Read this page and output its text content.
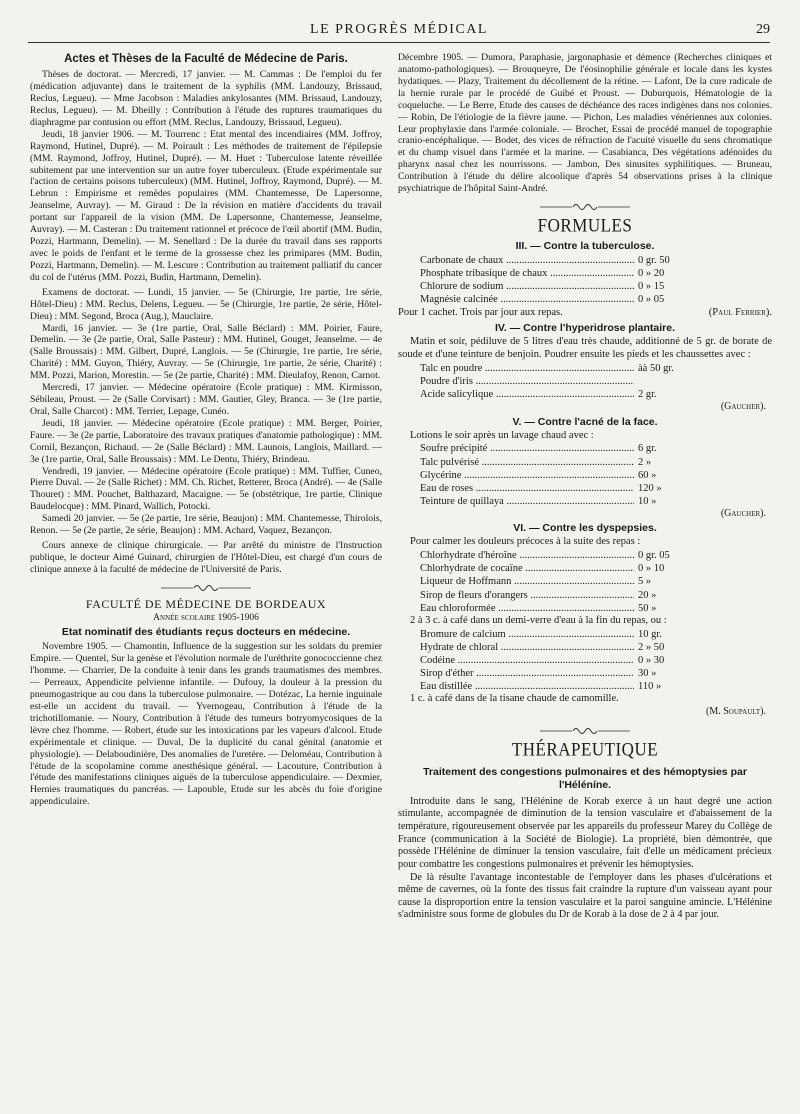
LE PROGRÈS MÉDICAL	29
Actes et Thèses de la Faculté de Médecine de Paris.

Thèses de doctorat. — Mercredi, 17 janvier. — M. Cammas : De l'emploi du fer (médication adjuvante) dans le traitement de la syphilis (MM. Landouzy, Brissaud, Reclus, Legueu). — Mme Jacobson : Maladies ankylosantes (MM. Brissaud, Landouzy, Reclus, Legueu). — M. Dheilly : Contribution à l'étude des ruptures traumatiques du diaphragme par contusion ou effort (MM. Reclus, Landouzy, Brissaud, Legueu).

Jeudi, 18 janvier 1906. — M. Tourrenc : Etat mental des incendiaires (MM. Joffroy, Raymond, Hutinel, Dupré). — M. Poirault : Les méthodes de traitement de l'épilepsie (MM. Raymond, Joffroy, Hutinel, Dupré). — M. Huet : Tuberculose latente réveillée subitement par une intervention sur un autre foyer tuberculeux. (Etude expérimentale sur l'action de certains poisons tuberculeux) (MM. Hutinel, Joffroy, Raymond, Dupré). — M. Lebrun : Empirisme et remèdes populaires (MM. Chantemesse, De Lapersonne, Jeanselme, Auvray). — M. Giraud : De la révision en matière d'accidents du travail portant sur l'appareil de la vision (MM. De Lapersonne, Chantemesse, Jeanselme, Auvray). — M. Casteran : Du traitement rationnel et précoce de l'œil abortif (MM. Budin, Pozzi, Hartmann, Demelin). — M. Senellard : De la durée du travail dans ses rapports avec le poids de l'enfant et le terme de la grossesse chez les primipares (MM. Budin, Pozzi, Hartmann, Demelin). — M. Lescure : Contribution au traitement palliatif du cancer du col de l'utérus (MM. Pozzi, Budin, Hartmann, Demelin).

Examens de doctorat. — Lundi, 15 janvier. — 5e (Chirurgie, 1re partie, 1re série, Hôtel-Dieu) : MM. Reclus, Delens, Legueu. — 5e (Chirurgie, 1re partie, 2e série, Hôtel-Dieu) : MM. Segond, Broca (Aug.), Mauclaire.

Mardi, 16 janvier. — 3e (1re partie, Oral, Salle Béclard) : MM. Poirier, Faure, Demelin. — 3e (2e partie, Oral, Salle Pasteur) : MM. Hutinel, Gouget, Jeanselme. — 4e (Salle Broussais) : MM. Gilbert, Dupré, Langlois. — 5e (Chirurgie, 1re partie, 1re série, Charité) : MM. Guyon, Thiéry, Auvray. — 5e (Chirurgie, 1re partie, 2e série, Charité) : MM. Pozzi, Marion, Morestin. — 5e (2e partie, Charité) : MM. Dieulafoy, Renon, Carnot.

Mercredi, 17 janvier. — Médecine opératoire (Ecole pratique) : MM. Kirmisson, Sébileau, Proust. — 2e (Salle Corvisart) : MM. Gautier, Gley, Branca. — 3e (1re partie, Oral, Salle Charcot) : MM. Terrier, Lepage, Cunéo.

Jeudi, 18 janvier. — Médecine opératoire (Ecole pratique) : MM. Berger, Poirier, Faure. — 3e (2e partie, Laboratoire des travaux pratiques d'anatomie pathologique) : MM. Cornil, Bezançon, Richaud. — 2e (Salle Béclard) : MM. Launois, Langlois, Maillard. — 3e (1re partie, Oral, Salle Broussais) : MM. Le Dentu, Thiéry, Brindeau.

Vendredi, 19 janvier. — Médecine opératoire (Ecole pratique) : MM. Tuffier, Cuneo, Pierre Duval. — 2e (Salle Richet) : MM. Ch. Richet, Retterer, Broca (André). — 4e (Salle Thouret) : MM. Pouchet, Balthazard, Macaigne. — 5e (obstétrique, 1re partie, Clinique Baudelocque) : MM. Pinard, Wallich, Potocki.

Samedi 20 janvier. — 5e (2e partie, 1re série, Beaujon) : MM. Chantemesse, Thirolois, Renon. — 5e (2e partie, 2e série, Beaujon) : MM. Achard, Vaquez, Bezançon.

Cours annexe de clinique chirurgicale. — Par arrêté du ministre de l'Instruction publique, le docteur Aimé Guinard, chirurgien de l'Hôtel-Dieu, est chargé d'un cours de clinique annexe à la faculté de médecine de l'Université de Paris.

FACULTÉ DE MÉDECINE DE BORDEAUX
Année scolaire 1905-1906
Etat nominatif des étudiants reçus docteurs en médecine.

Novembre 1905. — Chamontin, Influence de la suggestion sur les soldats du premier Empire. — Quentel, Sur la genèse et l'évolution normale de l'uréthrite gonococcienne chez l'homme. — Charrier, De la conduite à tenir dans les grands traumatismes des membres. — Perreaux, Appendicite pelvienne infantile. — Dufouy, la douleur à la pression du pneumogastrique au cou dans la tuberculose pulmonaire. — Dotézac, La hernie inguinale est-elle un accident du travail. — Yvernogeau, Contribution à l'étude de la trichotillomanie. — Noury, Contribution à l'étude des tumeurs botryomycosiques de la lèvre chez l'homme. — Robert, étude sur les intoxications par les vapeurs d'alcool. Etude expérimentale et clinique. — Duval, De la duplicité du canal génital (anatomie et physiologie). — Delaboudinière, Des anomalies de l'uretère. — Deloméau, Contribution à l'étude de la scopolamine comme anesthésique général. — Lacouture, Contribution à l'étude des manifestations cliniques aiguës de la tuberculose appendiculaire. — Dexmier, Hernies traumatiques du pancréas. — Lapouble, Etude sur les abcès du foie d'origine appendiculaire.

Décembre 1905. — Dumora, Paraphasie, jargonaphasie et démence (Recherches cliniques et anatomo-pathologiques). — Brouqueyre, De l'éosinophilie générale et locale dans les kystes hydatiques. — Plazy, Traitement du décollement de la rétine. — Lafont, De la cure radicale de la hernie rurale par le procédé de Guibé et Proust. — Duburquois, Hématologie de la coqueluche. — Le Berre, Etude des causes de déchéance des races indigènes dans nos colonies. — Robin, De l'étiologie de la fièvre jaune. — Pichon, Les maladies vénériennes aux colonies. Leur prophylaxie dans l'armée coloniale. — Brochet, Essai de procédé manuel de topographie cranio-encéphalique. — Bodet, des vices de réfraction de l'acuité visuelle du sens chromatique et du champ visuel dans l'armée et la marine. — Casabianca, Des végétations adénoïdes du pharynx nasal chez les nourrissons. — Jambon, Des sinusites syphilitiques. — Bruneau, Contribution à l'étude du délire alcoolique d'après 54 observations prises à la clinique psychiatrique de l'hôpital Saint-André.

FORMULES
III. — Contre la tuberculose.
Carbonate de chaux .....	0 gr. 50
Phosphate tribasique de chaux .....	0 » 20
Chlorure de sodium .....	0 » 15
Magnésie calcinée .....	0 » 05
Pour 1 cachet. Trois par jour aux repas.	(Paul Ferrier).
IV. — Contre l'hyperidrose plantaire.

Matin et soir, pédiluve de 5 litres d'eau très chaude, additionné de 5 gr. de borate de soude et d'une teinture de benjoin. Poudrer ensuite les pieds et les chaussettes avec :

Talc en poudre .....	àà 50 gr.
Poudre d'iris .....
Acide salicylique .....	2 gr.
(Gaucher).
V. — Contre l'acné de la face.

Lotions le soir après un lavage chaud avec :

Soufre précipité .....	6 gr.
Talc pulvérisé .....	2 »
Glycérine .....	60 »
Eau de roses .....	120 »
Teinture de quillaya .....	10 »
(Gaucher).
VI. — Contre les dyspepsies.

Pour calmer les douleurs précoces à la suite des repas :

Chlorhydrate d'héroïne .....	0 gr. 05
Chlorhydrate de cocaïne .....	0 » 10
Liqueur de Hoffmann .....	5 »
Sirop de fleurs d'orangers .....	20 »
Eau chloroformée .....	50 »

2 à 3 c. à café dans un demi-verre d'eau à la fin du repas, ou :

Bromure de calcium .....	10 gr.
Hydrate de chloral .....	2 » 50
Codéine .....	0 » 30
Sirop d'éther .....	30 »
Eau distillée .....	110 »

1 c. à café dans de la tisane chaude de camomille.

(M. Soupault).
THÉRAPEUTIQUE
Traitement des congestions pulmonaires et des hémoptysies par l'Héléníne.

Introduite dans le sang, l'Hélénine de Korab exerce à un haut degré une action stimulante, accompagnée de diminution de la tension vasculaire et d'abaissement de la température, rigoureusement observée par les appareils du professeur Marey du Collège de France (communication à la Société de Biologie). La propriété, bien démontrée, que possède l'Hélénine de diminuer la tension vasculaire, fait d'elle un médicament précieux pour combattre les congestions pulmonaires et prévenir les hémoptysies.

De là résulte l'avantage incontestable de l'employer dans les phases d'ulcérations et même de cavernes, où la fonte des tissus fait craindre la rupture d'un vaisseau ayant pour cause la disproportion entre la tension vasculaire et la paroi sanguine amincie. L'Hélénine s'administre sous forme de globules du Dr de Korab à la dose de 2 à 4 par jour.
